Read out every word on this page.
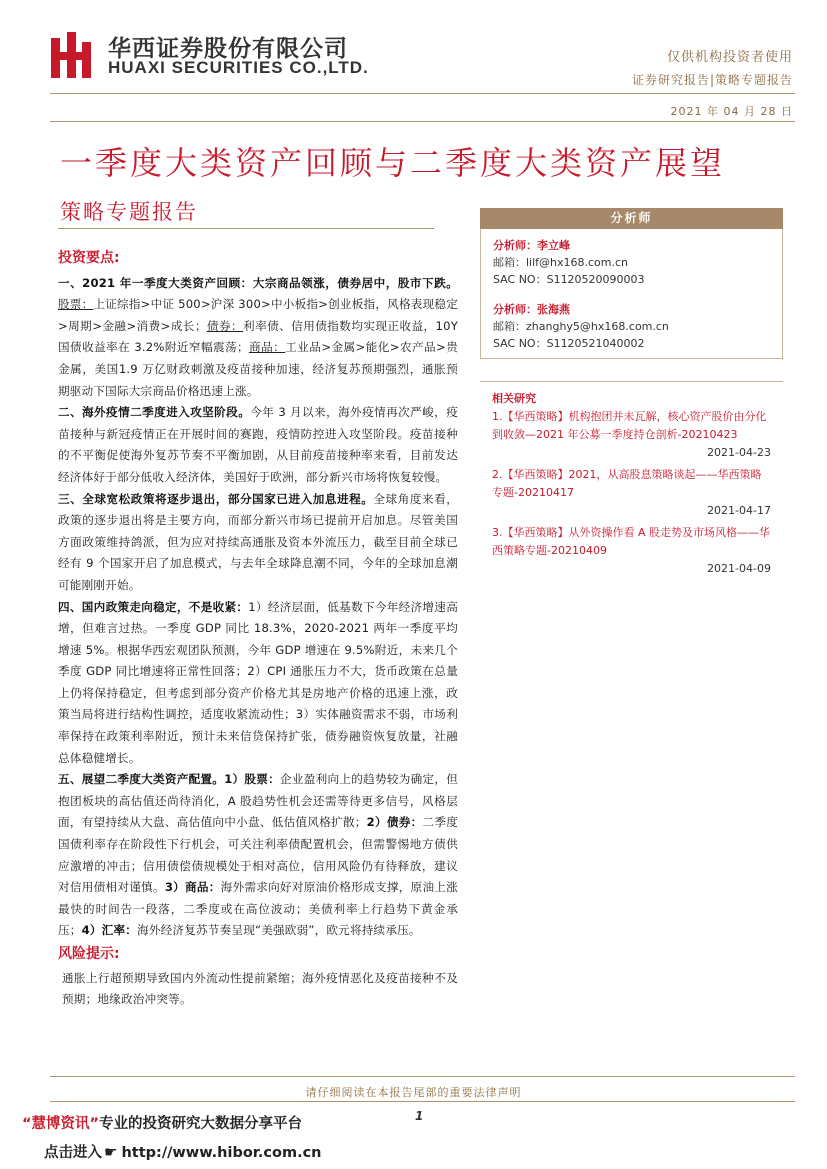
华西证券股份有限公司
HUAXI SECURITIES CO.,LTD.
仅供机构投资者使用
证券研究报告|策略专题报告
2021 年 04 月 28 日
一季度大类资产回顾与二季度大类资产展望
策略专题报告
投资要点:

一、2021 年一季度大类资产回顾：大宗商品领涨，债券居中，股市下跌。股票：上证综指>中证 500>沪深 300>中小板指>创业板指，风格表现稳定>周期>金融>消费>成长；债券：利率债、信用债指数均实现正收益，10Y 国债收益率在 3.2%附近窄幅震荡；商品：工业品>金属>能化>农产品>贵金属，美国1.9 万亿财政刺激及疫苗接种加速，经济复苏预期强烈，通胀预期驱动下国际大宗商品价格迅速上涨。

二、海外疫情二季度进入攻坚阶段。今年 3 月以来，海外疫情再次严峻，疫苗接种与新冠疫情正在开展时间的赛跑，疫情防控进入攻坚阶段。疫苗接种的不平衡促使海外复苏节奏不平衡加剧，从目前疫苗接种率来看，目前发达经济体好于部分低收入经济体，美国好于欧洲，部分新兴市场将恢复较慢。

三、全球宽松政策将逐步退出，部分国家已进入加息进程。全球角度来看，政策的逐步退出将是主要方向，而部分新兴市场已提前开启加息。尽管美国方面政策维持鸽派，但为应对持续高通胀及资本外流压力，截至目前全球已经有 9 个国家开启了加息模式，与去年全球降息潮不同，今年的全球加息潮可能刚刚开始。

四、国内政策走向稳定，不是收紧：1）经济层面，低基数下今年经济增速高增，但难言过热。一季度 GDP 同比 18.3%，2020-2021 两年一季度平均增速 5%。根据华西宏观团队预测，今年 GDP 增速在 9.5%附近，未来几个季度 GDP 同比增速将正常性回落；2）CPI 通胀压力不大，货币政策在总量上仍将保持稳定，但考虑到部分资产价格尤其是房地产价格的迅速上涨，政策当局将进行结构性调控，适度收紧流动性；3）实体融资需求不弱，市场利率保持在政策利率附近，预计未来信贷保持扩张，债券融资恢复放量，社融总体稳健增长。

五、展望二季度大类资产配置。1）股票：企业盈利向上的趋势较为确定，但抱团板块的高估值还尚待消化，A 股趋势性机会还需等待更多信号，风格层面，有望持续从大盘、高估值向中小盘、低估值风格扩散；2）债券：二季度国债利率存在阶段性下行机会，可关注利率债配置机会，但需警惕地方债供应激增的冲击；信用债偿债规模处于相对高位，信用风险仍有待释放，建议对信用债相对谨慎。3）商品：海外需求向好对原油价格形成支撑，原油上涨最快的时间告一段落，二季度或在高位波动；美债利率上行趋势下黄金承压；4）汇率：海外经济复苏节奏呈现“美强欧弱”，欧元将持续承压。

风险提示:

通胀上行超预期导致国内外流动性提前紧缩；海外疫情恶化及疫苗接种不及预期；地缘政治冲突等。

分析师
分析师：李立峰
邮箱：lilf@hx168.com.cn
SAC NO：S1120520090003
分析师：张海燕
邮箱：zhanghy5@hx168.com.cn
SAC NO：S1120521040002
相关研究
1.【华西策略】机构抱团并未瓦解，核心资产股价由分化到收敛—2021 年公募一季度持仓剖析-20210423
2021-04-23
2.【华西策略】2021，从高股息策略谈起——华西策略专题-20210417
2021-04-17
3.【华西策略】从外资操作看 A 股走势及市场风格——华西策略专题-20210409
2021-04-09
请仔细阅读在本报告尾部的重要法律声明
1
“慧博资讯”专业的投资研究大数据分享平台
点击进入 ☛ http://www.hibor.com.cn
